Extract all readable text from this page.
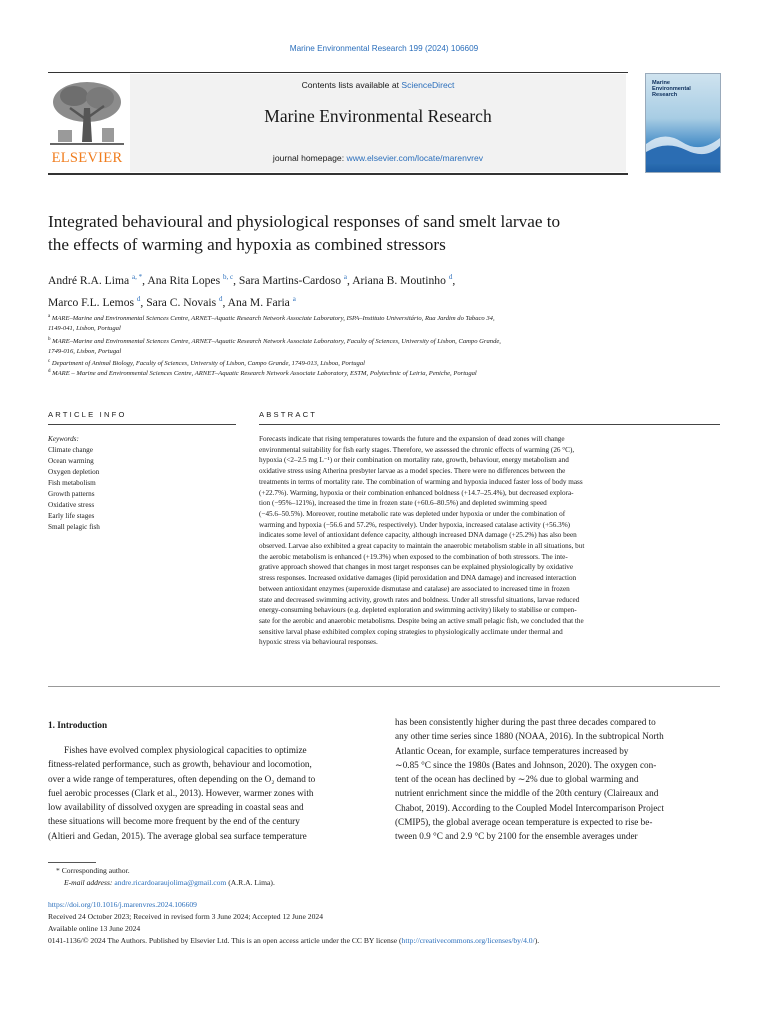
Marine Environmental Research 199 (2024) 106609
ELSEVIER
Contents lists available at ScienceDirect
Marine Environmental Research
journal homepage: www.elsevier.com/locate/marenvrev
Marine
Environmental
Research
Integrated behavioural and physiological responses of sand smelt larvae to
the effects of warming and hypoxia as combined stressors
André R.A. Lima $^{a, *}$, Ana Rita Lopes $^{b, c}$, Sara Martins-Cardoso $^a$, Ariana B. Moutinho $^d$,
Marco F.L. Lemos $^d$, Sara C. Novais $^d$, Ana M. Faria $^a$
$^a$ MARE–Marine and Environmental Sciences Centre, ARNET–Aquatic Research Network Associate Laboratory, ISPA–Instituto Universitário, Rua Jardim do Tabaco 34,
1149-041, Lisbon, Portugal
$^b$ MARE–Marine and Environmental Sciences Centre, ARNET–Aquatic Research Network Associate Laboratory, Faculty of Sciences, University of Lisbon, Campo Grande,
1749-016, Lisbon, Portugal
$^c$ Department of Animal Biology, Faculty of Sciences, University of Lisbon, Campo Grande, 1749-013, Lisboa, Portugal
$^d$ MARE – Marine and Environmental Sciences Centre, ARNET–Aquatic Research Network Associate Laboratory, ESTM, Polytechnic of Leiria, Peniche, Portugal
ARTICLE INFO	ABSTRACT
Keywords:
Climate change
Ocean warming
Oxygen depletion
Fish metabolism
Growth patterns
Oxidative stress
Early life stages
Small pelagic fish
Forecasts indicate that rising temperatures towards the future and the expansion of dead zones will change
environmental suitability for fish early stages. Therefore, we assessed the chronic effects of warming (26 °C),
hypoxia (<2–2.5 mg L⁻¹) or their combination on mortality rate, growth, behaviour, energy metabolism and
oxidative stress using Atherina presbyter larvae as a model species. There were no differences between the
treatments in terms of mortality rate. The combination of warming and hypoxia induced faster loss of body mass
(+22.7%). Warming, hypoxia or their combination enhanced boldness (+14.7–25.4%), but decreased explora-
tion (−95%–121%), increased the time in frozen state (+60.6–80.5%) and depleted swimming speed
(−45.6–50.5%). Moreover, routine metabolic rate was depleted under hypoxia or under the combination of
warming and hypoxia (−56.6 and 57.2%, respectively). Under hypoxia, increased catalase activity (+56.3%)
indicates some level of antioxidant defence capacity, although increased DNA damage (+25.2%) has also been
observed. Larvae also exhibited a great capacity to maintain the anaerobic metabolism stable in all situations, but
the aerobic metabolism is enhanced (+19.3%) when exposed to the combination of both stressors. The inte-
grative approach showed that changes in most target responses can be explained physiologically by oxidative
stress responses. Increased oxidative damages (lipid peroxidation and DNA damage) and increased interaction
between antioxidant enzymes (superoxide dismutase and catalase) are associated to increased time in frozen
state and decreased swimming activity, growth rates and boldness. Under all stressful situations, larvae reduced
energy-consuming behaviours (e.g. depleted exploration and swimming activity) likely to stabilise or compen-
sate for the aerobic and anaerobic metabolisms. Despite being an active small pelagic fish, we concluded that the
sensitive larval phase exhibited complex coping strategies to physiologically acclimate under thermal and
hypoxic stress via behavioural responses.
1. Introduction
Fishes have evolved complex physiological capacities to optimize
fitness-related performance, such as growth, behaviour and locomotion,
over a wide range of temperatures, often depending on the O₂ demand to
fuel aerobic processes (Clark et al., 2013). However, warmer zones with
low availability of dissolved oxygen are spreading in coastal seas and
these situations will become more frequent by the end of the century
(Altieri and Gedan, 2015). The average global sea surface temperature
has been consistently higher during the past three decades compared to
any other time series since 1880 (NOAA, 2016). In the subtropical North
Atlantic Ocean, for example, surface temperatures increased by
∼0.85 °C since the 1980s (Bates and Johnson, 2020). The oxygen con-
tent of the ocean has declined by ∼2% due to global warming and
nutrient enrichment since the middle of the 20th century (Claireaux and
Chabot, 2019). According to the Coupled Model Intercomparison Project
(CMIP5), the global average ocean temperature is expected to rise be-
tween 0.9 °C and 2.9 °C by 2100 for the ensemble averages under
* Corresponding author.
E-mail address: andre.ricardoaraujolima@gmail.com (A.R.A. Lima).
https://doi.org/10.1016/j.marenvres.2024.106609
Received 24 October 2023; Received in revised form 3 June 2024; Accepted 12 June 2024
Available online 13 June 2024
0141-1136/© 2024 The Authors. Published by Elsevier Ltd. This is an open access article under the CC BY license (http://creativecommons.org/licenses/by/4.0/).
